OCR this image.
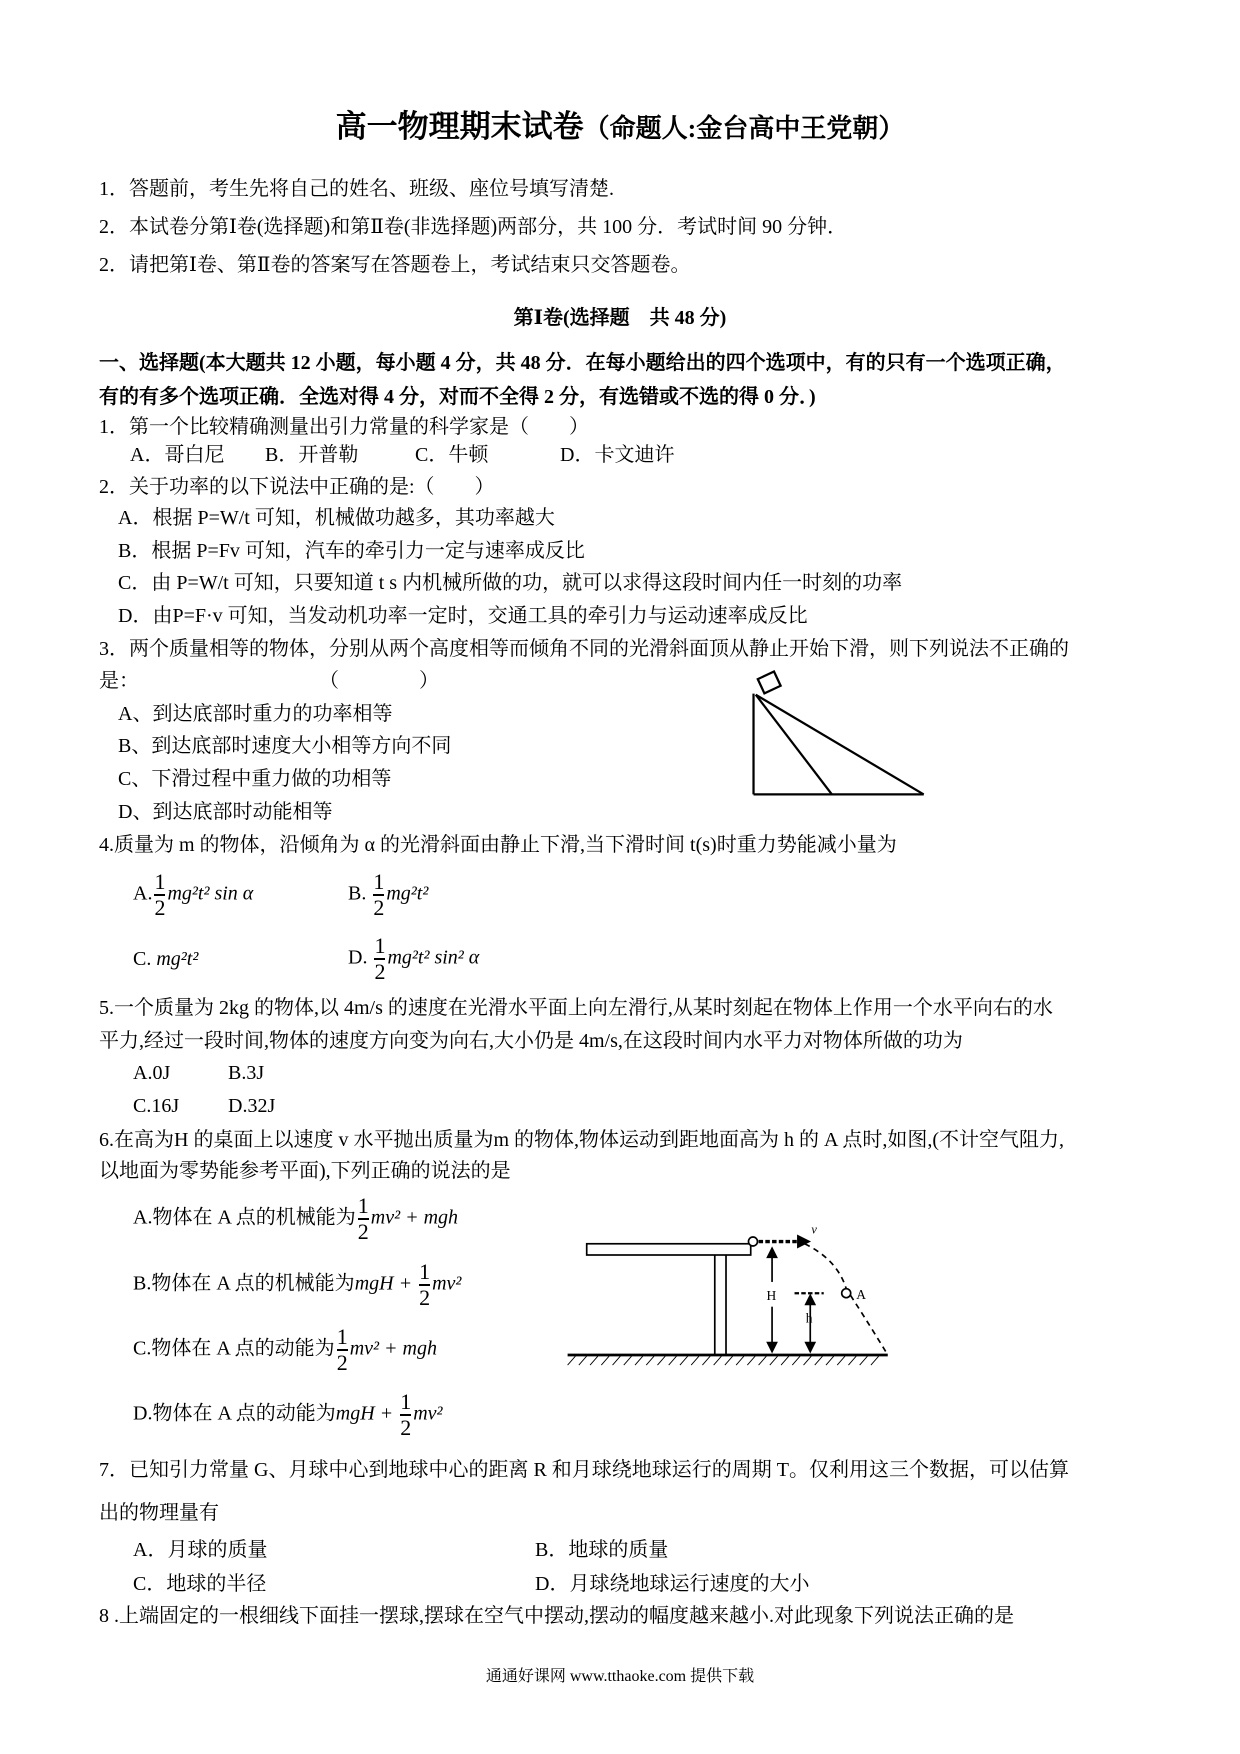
高一物理期末试卷（命题人:金台高中王党朝）
1．答题前，考生先将自己的姓名、班级、座位号填写清楚.
2．本试卷分第Ⅰ卷(选择题)和第Ⅱ卷(非选择题)两部分，共 100 分．考试时间 90 分钟．
2．请把第Ⅰ卷、第Ⅱ卷的答案写在答题卷上，考试结束只交答题卷。
第Ⅰ卷(选择题　共 48 分)
一、选择题(本大题共 12 小题，每小题 4 分，共 48 分．在每小题给出的四个选项中，有的只有一个选项正确，
有的有多个选项正确．全选对得 4 分，对而不全得 2 分，有选错或不选的得 0 分．)
1．第一个比较精确测量出引力常量的科学家是（　　）
A．哥白尼 B．开普勒	C．牛顿	D．卡文迪许
2．关于功率的以下说法中正确的是:（　　）
A．根据 P=W/t 可知，机械做功越多，其功率越大
B．根据 P=Fv 可知，汽车的牵引力一定与速率成反比
C．由 P=W/t 可知，只要知道 t s 内机械所做的功，就可以求得这段时间内任一时刻的功率
D．由P=F·v 可知，当发动机功率一定时，交通工具的牵引力与运动速率成反比
3．两个质量相等的物体，分别从两个高度相等而倾角不同的光滑斜面顶从静止开始下滑，则下列说法不正确的
是：　　　　　　　　　　（　　　　）
A、到达底部时重力的功率相等
B、到达底部时速度大小相等方向不同
C、下滑过程中重力做的功相等
D、到达底部时动能相等
4.质量为 m 的物体，沿倾角为 α 的光滑斜面由静止下滑,当下滑时间 t(s)时重力势能减小量为
A. $\frac{1}{2} mg^2t^2$ sin α	B. $\frac{1}{2} mg^2t^2$
C. mg²t²	D. $\frac{1}{2} mg^2t^2$ sin² α
5.一个质量为 2kg 的物体,以 4m/s 的速度在光滑水平面上向左滑行,从某时刻起在物体上作用一个水平向右的水
平力,经过一段时间,物体的速度方向变为向右,大小仍是 4m/s,在这段时间内水平力对物体所做的功为
A.0J	B.3J
C.16J D.32J
6.在高为H 的桌面上以速度 v 水平抛出质量为m 的物体,物体运动到距地面高为 h 的 A 点时,如图,(不计空气阻力,
以地面为零势能参考平面),下列正确的说法的是
A.物体在 A 点的机械能为 $\frac{1}{2} mv^2$ + mgh
B.物体在 A 点的机械能为mgH + $\frac{1}{2} mv^2$
C.物体在 A 点的动能为 $\frac{1}{2} mv^2$ + mgh
D.物体在 A 点的动能为mgH + $\frac{1}{2} mv^2$
v
A
H
h
7．已知引力常量 G、月球中心到地球中心的距离 R 和月球绕地球运行的周期 T。仅利用这三个数据，可以估算
出的物理量有
A．月球的质量	B．地球的质量
C．地球的半径	D．月球绕地球运行速度的大小
8 .上端固定的一根细线下面挂一摆球,摆球在空气中摆动,摆动的幅度越来越小.对此现象下列说法正确的是
通通好课网 www.tthaoke.com 提供下载
